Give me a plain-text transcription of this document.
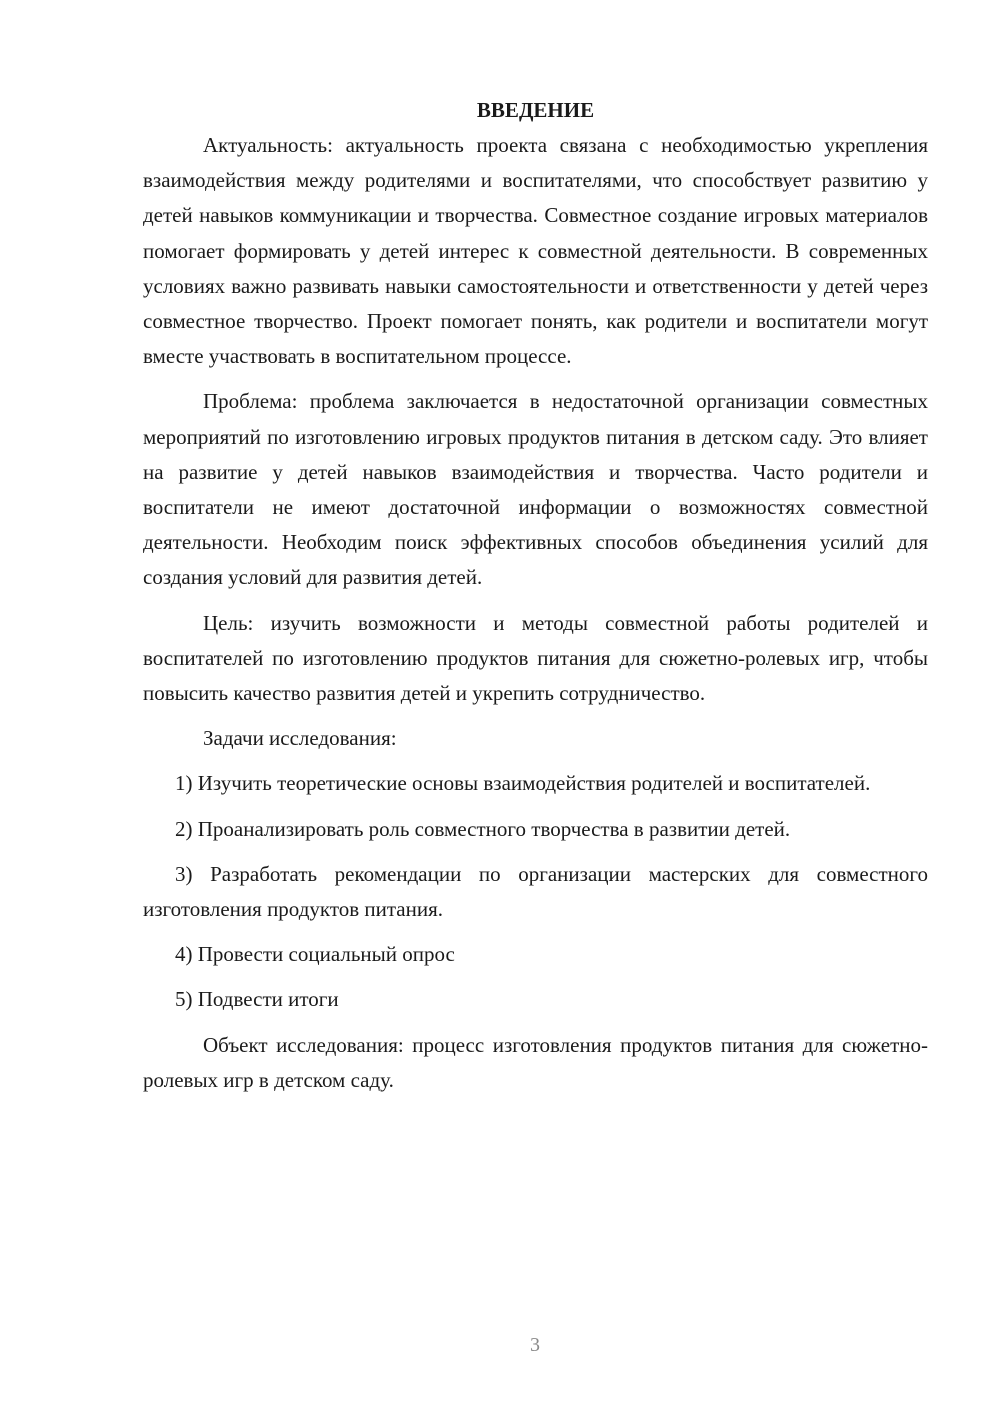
ВВЕДЕНИЕ

Актуальность: актуальность проекта связана с необходимостью укрепления взаимодействия между родителями и воспитателями, что способствует развитию у детей навыков коммуникации и творчества. Совместное создание игровых материалов помогает формировать у детей интерес к совместной деятельности. В современных условиях важно развивать навыки самостоятельности и ответственности у детей через совместное творчество. Проект помогает понять, как родители и воспитатели могут вместе участвовать в воспитательном процессе.

Проблема: проблема заключается в недостаточной организации совместных мероприятий по изготовлению игровых продуктов питания в детском саду. Это влияет на развитие у детей навыков взаимодействия и творчества. Часто родители и воспитатели не имеют достаточной информации о возможностях совместной деятельности. Необходим поиск эффективных способов объединения усилий для создания условий для развития детей.

Цель: изучить возможности и методы совместной работы родителей и воспитателей по изготовлению продуктов питания для сюжетно-ролевых игр, чтобы повысить качество развития детей и укрепить сотрудничество.

Задачи исследования:

1) Изучить теоретические основы взаимодействия родителей и воспитателей.

2) Проанализировать роль совместного творчества в развитии детей.

3) Разработать рекомендации по организации мастерских для совместного изготовления продуктов питания.

4) Провести социальный опрос

5) Подвести итоги

Объект исследования: процесс изготовления продуктов питания для сюжетно-ролевых игр в детском саду.

3
